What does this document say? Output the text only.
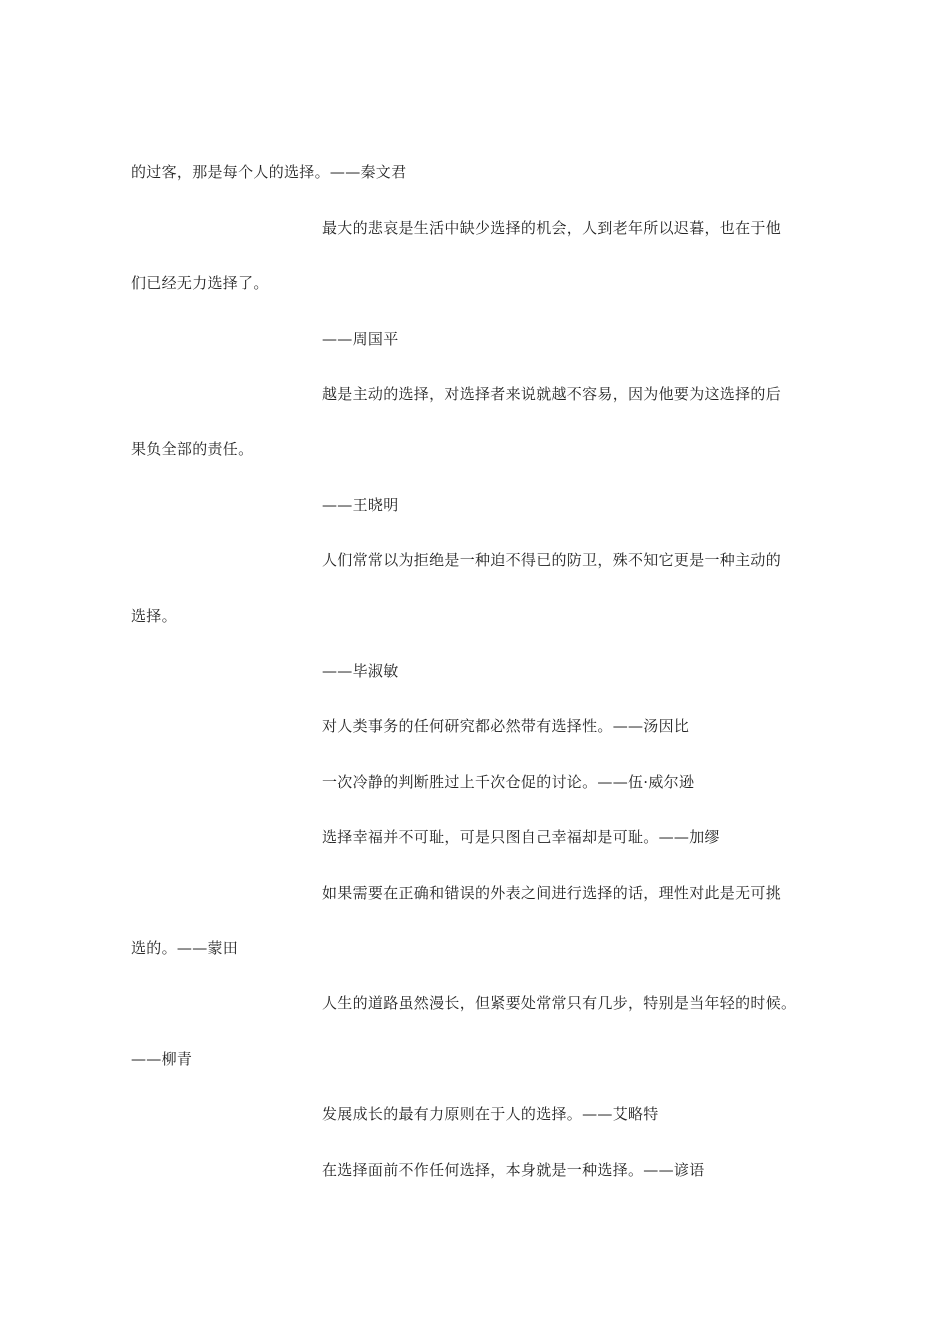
的过客，那是每个人的选择。——秦文君
最大的悲哀是生活中缺少选择的机会，人到老年所以迟暮，也在于他
们已经无力选择了。
——周国平
越是主动的选择，对选择者来说就越不容易，因为他要为这选择的后
果负全部的责任。
——王晓明
人们常常以为拒绝是一种迫不得已的防卫，殊不知它更是一种主动的
选择。
——毕淑敏
对人类事务的任何研究都必然带有选择性。——汤因比
一次冷静的判断胜过上千次仓促的讨论。——伍·威尔逊
选择幸福并不可耻，可是只图自己幸福却是可耻。——加缪
如果需要在正确和错误的外表之间进行选择的话，理性对此是无可挑
选的。——蒙田
人生的道路虽然漫长，但紧要处常常只有几步，特别是当年轻的时候。
——柳青
发展成长的最有力原则在于人的选择。——艾略特
在选择面前不作任何选择，本身就是一种选择。——谚语
